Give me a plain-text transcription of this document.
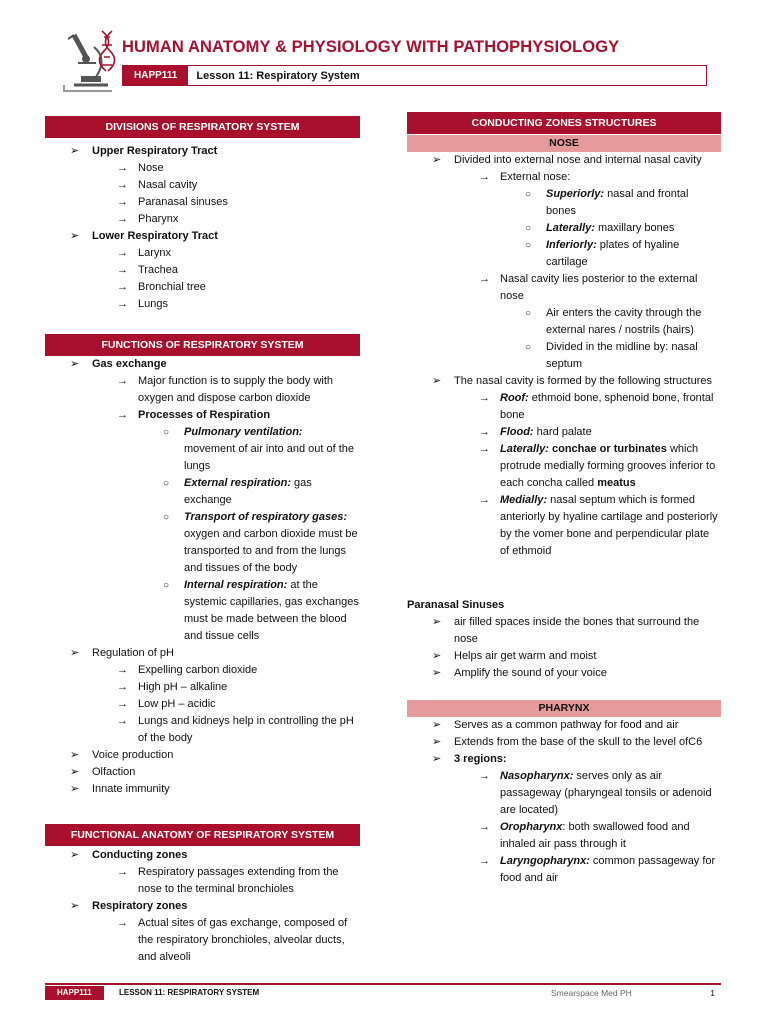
HUMAN ANATOMY & PHYSIOLOGY WITH PATHOPHYSIOLOGY
HAPP111	Lesson 11: Respiratory System
DIVISIONS OF RESPIRATORY SYSTEM
➢ Upper Respiratory Tract
→ Nose
→ Nasal cavity
→ Paranasal sinuses
→ Pharynx
➢ Lower Respiratory Tract
→ Larynx
→ Trachea
→ Bronchial tree
→ Lungs
FUNCTIONS OF RESPIRATORY SYSTEM
➢ Gas exchange
→ Major function is to supply the body with oxygen and dispose carbon dioxide
→ Processes of Respiration
○ Pulmonary ventilation:
movement of air into and out of the lungs
○ External respiration: gas exchange
○ Transport of respiratory gases: oxygen and carbon dioxide must be transported to and from the lungs and tissues of the body
○ Internal respiration: at the systemic capillaries, gas exchanges must be made between the blood and tissue cells
➢ Regulation of pH
→ Expelling carbon dioxide
→ High pH – alkaline
→ Low pH – acidic
→ Lungs and kidneys help in controlling the pH of the body
➢ Voice production
➢ Olfaction
➢ Innate immunity
FUNCTIONAL ANATOMY OF RESPIRATORY SYSTEM
➢ Conducting zones
→ Respiratory passages extending from the nose to the terminal bronchioles
➢ Respiratory zones
→ Actual sites of gas exchange, composed of the respiratory bronchioles, alveolar ducts, and alveoli
CONDUCTING ZONES STRUCTURES
NOSE
➢ Divided into external nose and internal nasal cavity
→ External nose:
○ Superiorly: nasal and frontal bones
○ Laterally: maxillary bones
○ Inferiorly: plates of hyaline cartilage
→ Nasal cavity lies posterior to the external nose
○ Air enters the cavity through the external nares / nostrils (hairs)
○ Divided in the midline by: nasal septum
➢ The nasal cavity is formed by the following structures
→ Roof: ethmoid bone, sphenoid bone, frontal bone
→ Flood: hard palate
→ Laterally: conchae or turbinates which protrude medially forming grooves inferior to each concha called meatus
→ Medially: nasal septum which is formed anteriorly by hyaline cartilage and posteriorly by the vomer bone and perpendicular plate of ethmoid
Paranasal Sinuses
➢ air filled spaces inside the bones that surround the nose
➢ Helps air get warm and moist
➢ Amplify the sound of your voice
PHARYNX
➢ Serves as a common pathway for food and air
➢ Extends from the base of the skull to the level ofC6
➢ 3 regions:
→ Nasopharynx: serves only as air passageway (pharyngeal tonsils or adenoid are located)
→ Oropharynx: both swallowed food and inhaled air pass through it
→ Laryngopharynx: common passageway for food and air
HAPP111	LESSON 11: RESPIRATORY SYSTEM	Smearspace Med PH	1
